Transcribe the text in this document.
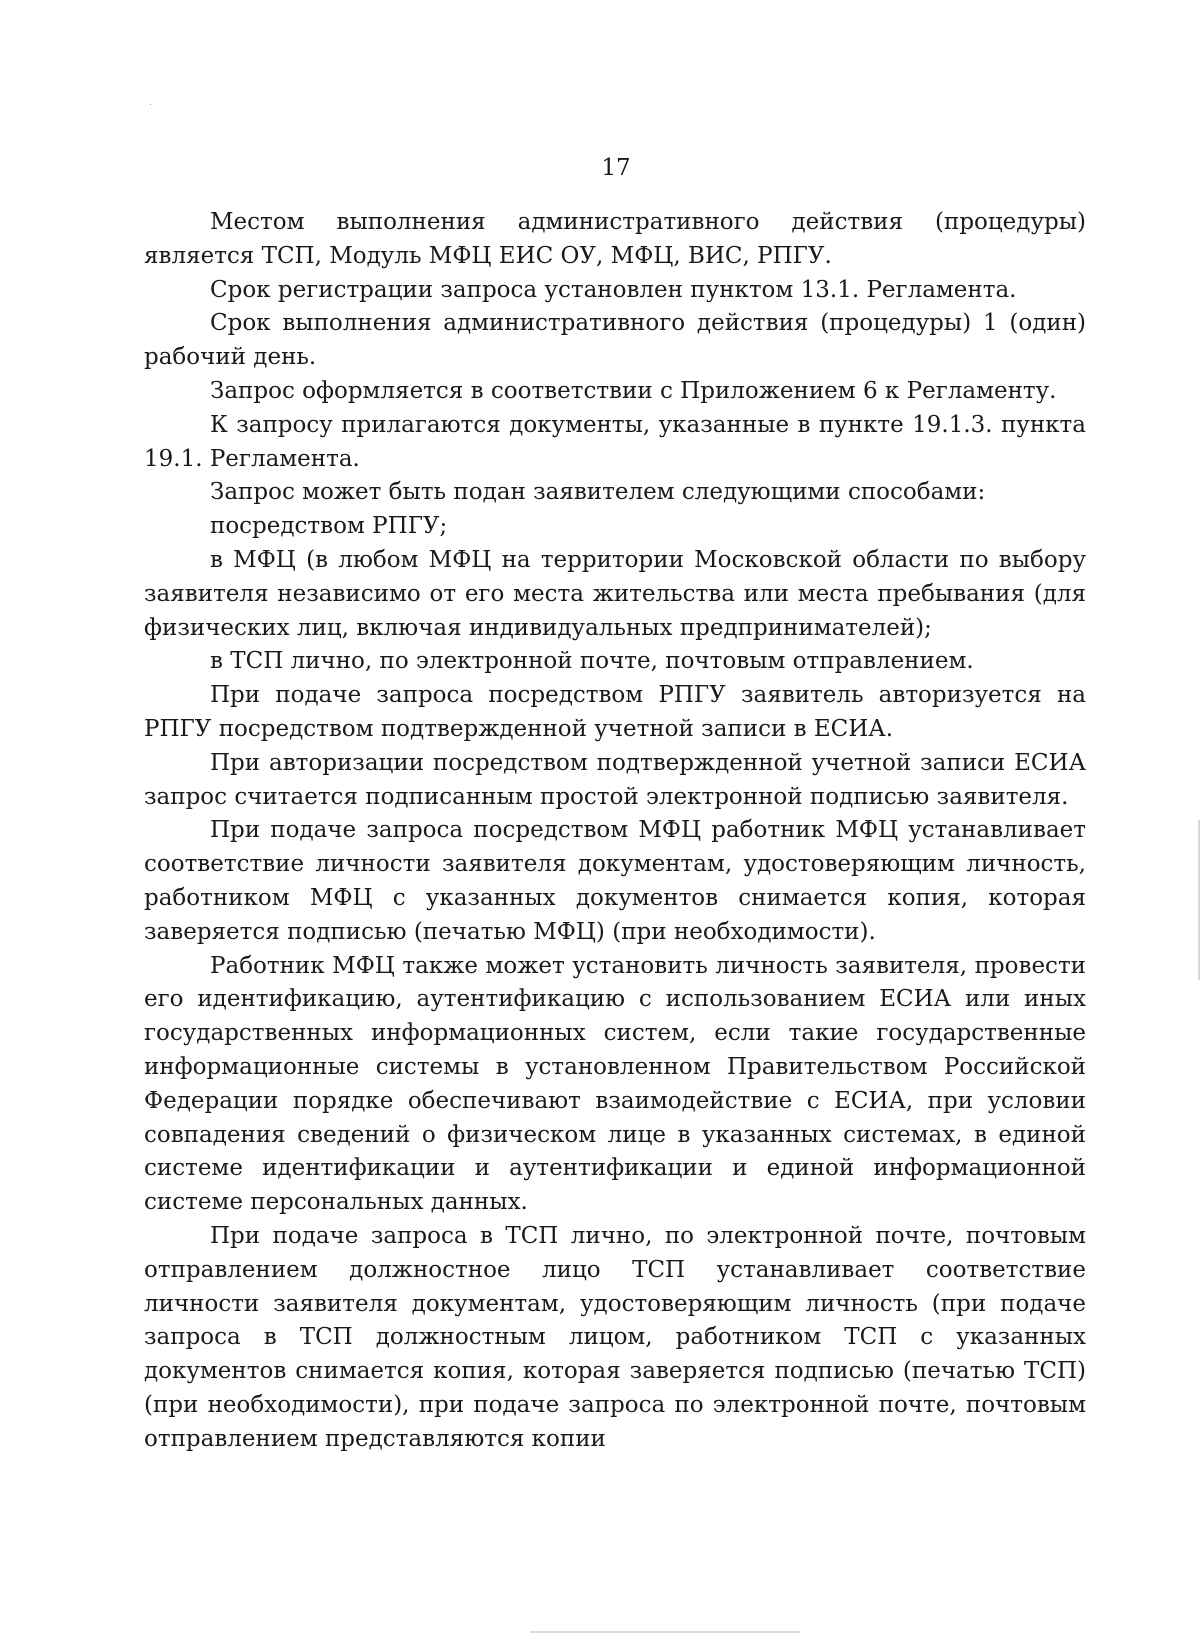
17

Местом выполнения административного действия (процедуры) является ТСП, Модуль МФЦ ЕИС ОУ, МФЦ, ВИС, РПГУ.

Срок регистрации запроса установлен пунктом 13.1. Регламента.

Срок выполнения административного действия (процедуры) 1 (один) рабочий день.

Запрос оформляется в соответствии с Приложением 6 к Регламенту.

К запросу прилагаются документы, указанные в пункте 19.1.3. пункта 19.1. Регламента.

Запрос может быть подан заявителем следующими способами:

посредством РПГУ;

в МФЦ (в любом МФЦ на территории Московской области по выбору заявителя независимо от его места жительства или места пребывания (для физических лиц, включая индивидуальных предпринимателей);

в ТСП лично, по электронной почте, почтовым отправлением.

При подаче запроса посредством РПГУ заявитель авторизуется на РПГУ посредством подтвержденной учетной записи в ЕСИА.

При авторизации посредством подтвержденной учетной записи ЕСИА запрос считается подписанным простой электронной подписью заявителя.

При подаче запроса посредством МФЦ работник МФЦ устанавливает соответствие личности заявителя документам, удостоверяющим личность, работником МФЦ с указанных документов снимается копия, которая заверяется подписью (печатью МФЦ) (при необходимости).

Работник МФЦ также может установить личность заявителя, провести его идентификацию, аутентификацию с использованием ЕСИА или иных государственных информационных систем, если такие государственные информационные системы в установленном Правительством Российской Федерации порядке обеспечивают взаимодействие с ЕСИА, при условии совпадения сведений о физическом лице в указанных системах, в единой системе идентификации и аутентификации и единой информационной системе персональных данных.

При подаче запроса в ТСП лично, по электронной почте, почтовым отправлением должностное лицо ТСП устанавливает соответствие личности заявителя документам, удостоверяющим личность (при подаче запроса в ТСП должностным лицом, работником ТСП с указанных документов снимается копия, которая заверяется подписью (печатью ТСП) (при необходимости), при подаче запроса по электронной почте, почтовым отправлением представляются копии
